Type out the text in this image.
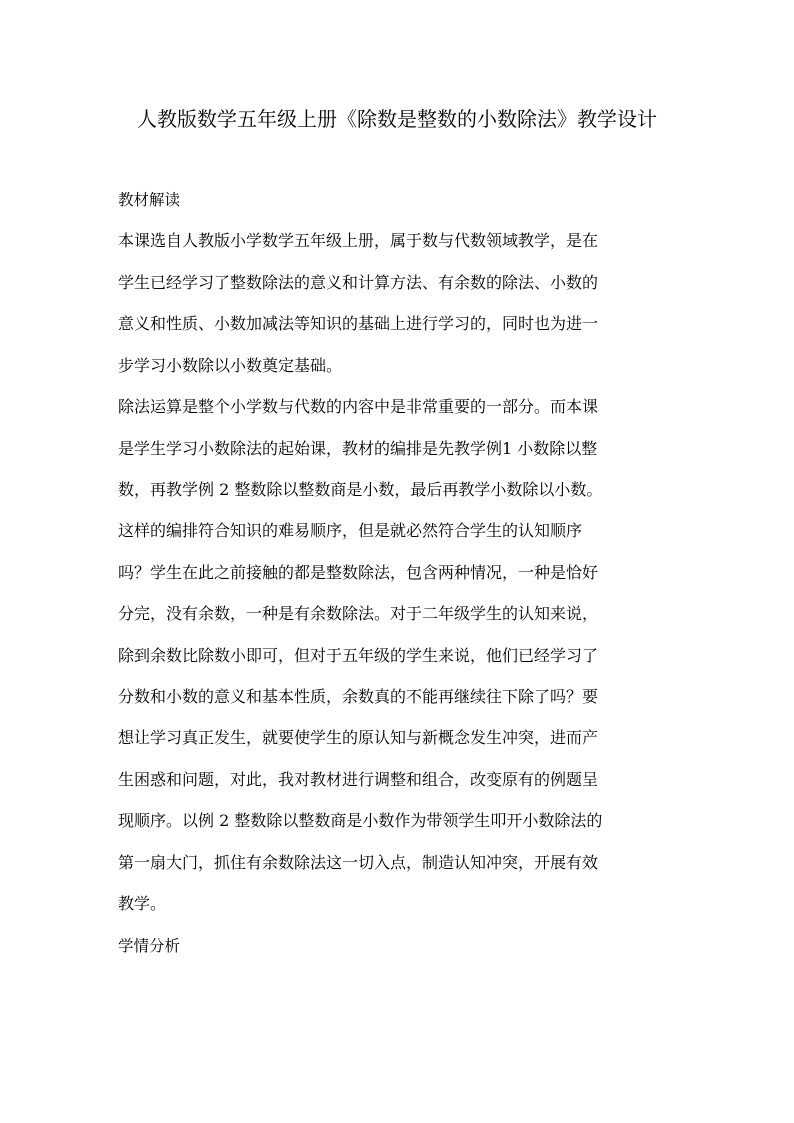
人教版数学五年级上册《除数是整数的小数除法》教学设计
教材解读
本课选自人教版小学数学五年级上册，属于数与代数领域教学，是在
学生已经学习了整数除法的意义和计算方法、有余数的除法、小数的
意义和性质、小数加减法等知识的基础上进行学习的，同时也为进一
步学习小数除以小数奠定基础。
除法运算是整个小学数与代数的内容中是非常重要的一部分。而本课
是学生学习小数除法的起始课，教材的编排是先教学例1 小数除以整
数，再教学例 2 整数除以整数商是小数，最后再教学小数除以小数。
这样的编排符合知识的难易顺序，但是就必然符合学生的认知顺序
吗？学生在此之前接触的都是整数除法，包含两种情况，一种是恰好
分完，没有余数，一种是有余数除法。对于二年级学生的认知来说，
除到余数比除数小即可，但对于五年级的学生来说，他们已经学习了
分数和小数的意义和基本性质，余数真的不能再继续往下除了吗？要
想让学习真正发生，就要使学生的原认知与新概念发生冲突，进而产
生困惑和问题，对此，我对教材进行调整和组合，改变原有的例题呈
现顺序。以例 2 整数除以整数商是小数作为带领学生叩开小数除法的
第一扇大门，抓住有余数除法这一切入点，制造认知冲突，开展有效
教学。
学情分析
